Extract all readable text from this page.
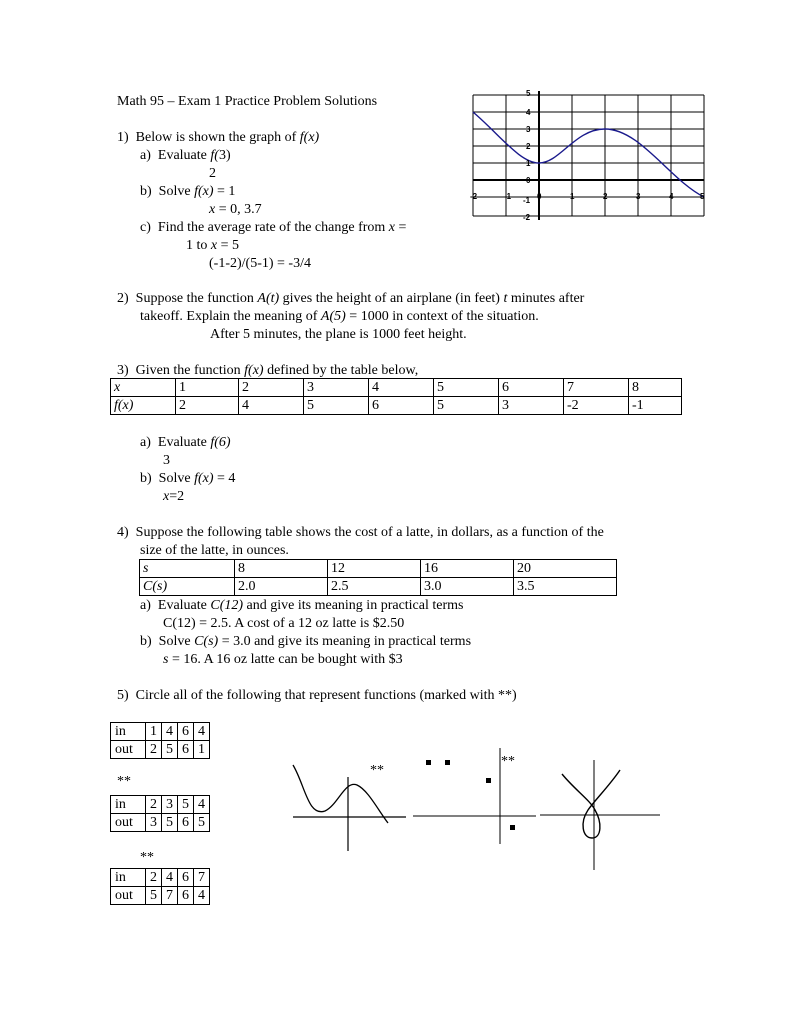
Math 95 – Exam 1 Practice Problem Solutions
1) Below is shown the graph of f(x)
a) Evaluate f(3)
2
b) Solve f(x) = 1
x = 0, 3.7
c) Find the average rate of the change from x =
1 to x = 5
(-1-2)/(5-1) = -3/4
-2	-1	0	1	2	3	4	5
5
4
3
2
1
0
-1
-2
2) Suppose the function A(t) gives the height of an airplane (in feet) t minutes after
takeoff. Explain the meaning of A(5) = 1000 in context of the situation.
After 5 minutes, the plane is 1000 feet height.
3) Given the function f(x) defined by the table below,
x	1	2	3	4	5	6	7	8
f(x)	2	4	5	6	5	3	-2	-1
a) Evaluate f(6)
3
b) Solve f(x) = 4
x=2
4) Suppose the following table shows the cost of a latte, in dollars, as a function of the
size of the latte, in ounces.
s	8	12	16	20
C(s)	2.0	2.5	3.0	3.5
a) Evaluate C(12) and give its meaning in practical terms
C(12) = 2.5. A cost of a 12 oz latte is $2.50
b) Solve C(s) = 3.0 and give its meaning in practical terms
s = 16. A 16 oz latte can be bought with $3
5) Circle all of the following that represent functions (marked with **)
in	1	4	6	4
out	2	5	6	1
**
in	2	3	5	4
out	3	5	6	5
**
in	2	4	6	7
out	5	7	6	4
**
**
